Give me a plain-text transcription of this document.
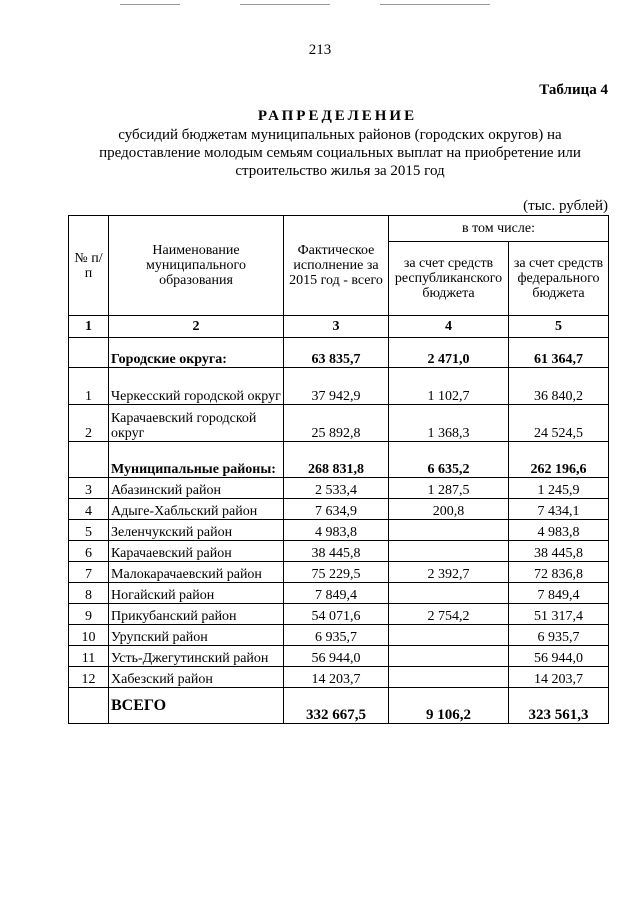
213
Таблица 4
РАПРЕДЕЛЕНИЕ
субсидий бюджетам муниципальных районов (городских округов) на предоставление молодым семьям социальных выплат на приобретение или строительство жилья за 2015 год
(тыс. рублей)
№ п/п	Наименование муниципального образования	Фактическое исполнение за 2015 год - всего	в том числе:	
			за счет средств республиканского бюджета	за счет средств федерального бюджета
1	2	3	4	5
	Городские округа:	63 835,7	2 471,0	61 364,7
1	Черкесский городской округ	37 942,9	1 102,7	36 840,2
2	Карачаевский городской округ	25 892,8	1 368,3	24 524,5
	Муниципальные районы:	268 831,8	6 635,2	262 196,6
3	Абазинский район	2 533,4	1 287,5	1 245,9
4	Адыге-Хабльский район	7 634,9	200,8	7 434,1
5	Зеленчукский район	4 983,8		4 983,8
6	Карачаевский район	38 445,8		38 445,8
7	Малокарачаевский район	75 229,5	2 392,7	72 836,8
8	Ногайский район	7 849,4		7 849,4
9	Прикубанский район	54 071,6	2 754,2	51 317,4
10	Урупский район	6 935,7		6 935,7
11	Усть-Джегутинский район	56 944,0		56 944,0
12	Хабезский район	14 203,7		14 203,7
	ВСЕГО	332 667,5	9 106,2	323 561,3
